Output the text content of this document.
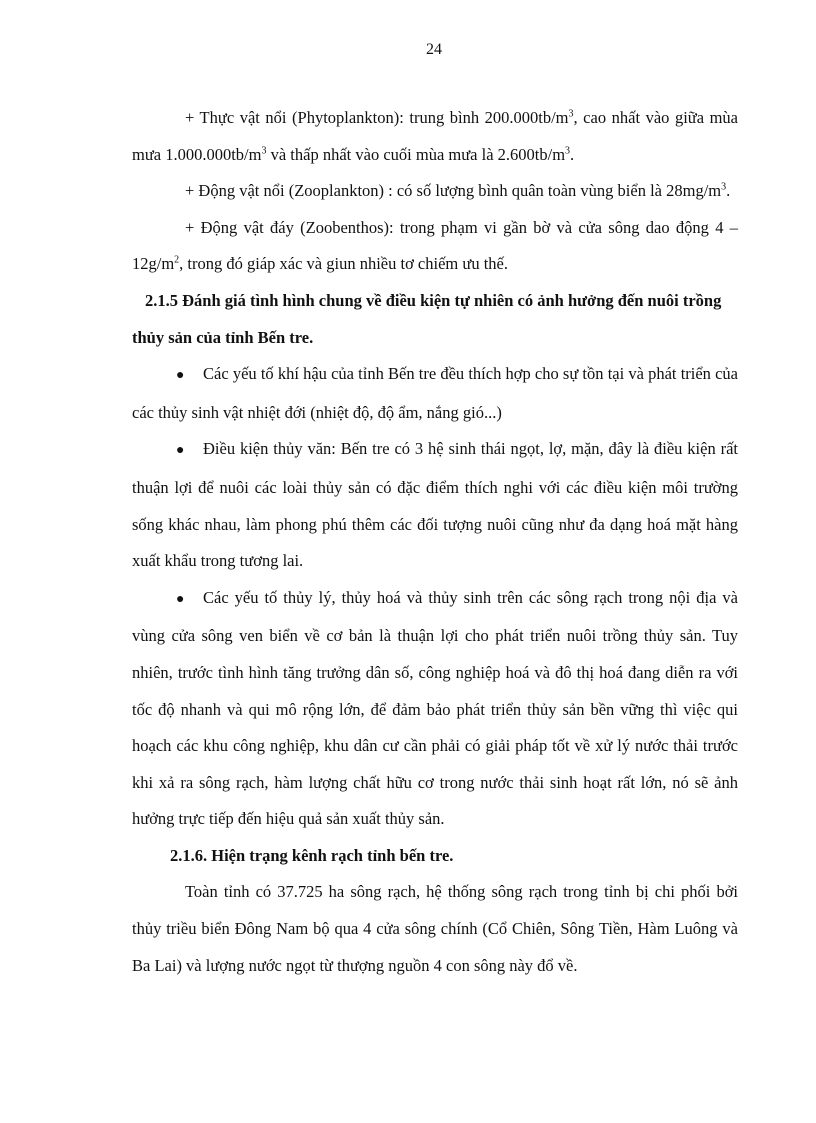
24

+ Thực vật nổi (Phytoplankton): trung bình $200.000tb/m^3$, cao nhất vào giữa mùa mưa $1.000.000tb/m^3$ và thấp nhất vào cuối mùa mưa là $2.600tb/m^3$.

+ Động vật nổi (Zooplankton) : có số lượng bình quân toàn vùng biển là $28mg/m^3$.

+ Động vật đáy (Zoobenthos): trong phạm vi gần bờ và cửa sông dao động $4 - 12g/m^2$, trong đó giáp xác và giun nhiều tơ chiếm ưu thế.

2.1.5 Đánh giá tình hình chung về điều kiện tự nhiên có ảnh hưởng đến nuôi trồng thủy sản của tỉnh Bến tre.

● Các yếu tố khí hậu của tỉnh Bến tre đều thích hợp cho sự tồn tại và phát triển của các thủy sinh vật nhiệt đới (nhiệt độ, độ ẩm, nắng gió...)

● Điều kiện thủy văn: Bến tre có 3 hệ sinh thái ngọt, lợ, mặn, đây là điều kiện rất thuận lợi để nuôi các loài thủy sản có đặc điểm thích nghi với các điều kiện môi trường sống khác nhau, làm phong phú thêm các đối tượng nuôi cũng như đa dạng hoá mặt hàng xuất khẩu trong tương lai.

● Các yếu tố thủy lý, thủy hoá và thủy sinh trên các sông rạch trong nội địa và vùng cửa sông ven biển về cơ bản là thuận lợi cho phát triển nuôi trồng thủy sản. Tuy nhiên, trước tình hình tăng trưởng dân số, công nghiệp hoá và đô thị hoá đang diễn ra với tốc độ nhanh và qui mô rộng lớn, để đảm bảo phát triển thủy sản bền vững thì việc qui hoạch các khu công nghiệp, khu dân cư cần phải có giải pháp tốt về xử lý nước thải trước khi xả ra sông rạch, hàm lượng chất hữu cơ trong nước thải sinh hoạt rất lớn, nó sẽ ảnh hưởng trực tiếp đến hiệu quả sản xuất thủy sản.

2.1.6. Hiện trạng kênh rạch tỉnh bến tre.

Toàn tỉnh có 37.725 ha sông rạch, hệ thống sông rạch trong tỉnh bị chi phối bởi thủy triều biển Đông Nam bộ qua 4 cửa sông chính (Cổ Chiên, Sông Tiền, Hàm Luông và Ba Lai) và lượng nước ngọt từ thượng nguồn 4 con sông này đổ về.
